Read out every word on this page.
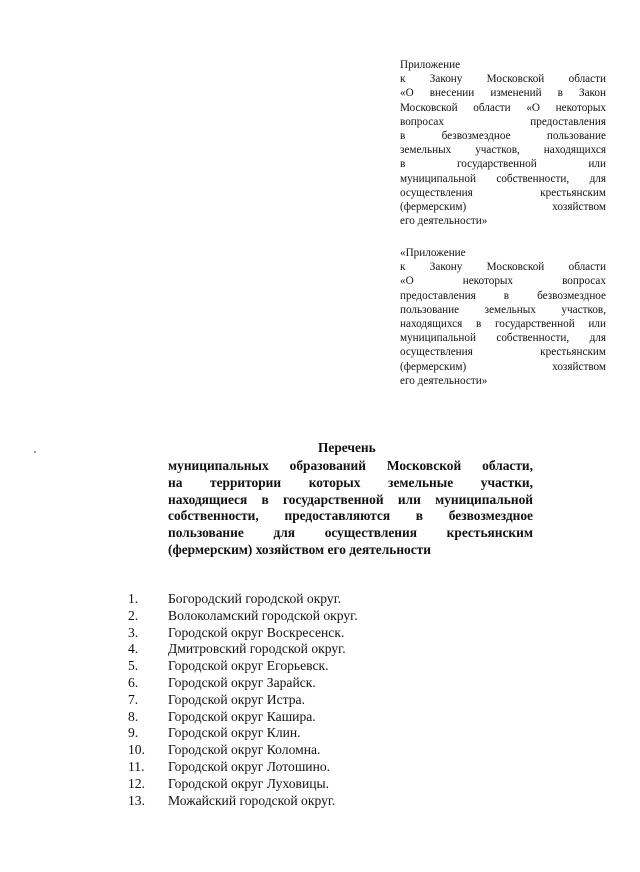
Приложение
к Закону Московской области
«О внесении изменений в Закон
Московской области «О некоторых
вопросах предоставления
в безвозмездное пользование
земельных участков, находящихся
в государственной или
муниципальной собственности, для
осуществления крестьянским
(фермерским) хозяйством
его деятельности»
«Приложение
к Закону Московской области
«О некоторых вопросах
предоставления в безвозмездное
пользование земельных участков,
находящихся в государственной или
муниципальной собственности, для
осуществления крестьянским
(фермерским) хозяйством
его деятельности»
Перечень
муниципальных образований Московской области,
на территории которых земельные участки,
находящиеся в государственной или муниципальной
собственности, предоставляются в безвозмездное
пользование для осуществления крестьянским
(фермерским) хозяйством его деятельности
1. Богородский городской округ.
2. Волоколамский городской округ.
3. Городской округ Воскресенск.
4. Дмитровский городской округ.
5. Городской округ Егорьевск.
6. Городской округ Зарайск.
7. Городской округ Истра.
8. Городской округ Кашира.
9. Городской округ Клин.
10. Городской округ Коломна.
11. Городской округ Лотошино.
12. Городской округ Луховицы.
13. Можайский городской округ.
